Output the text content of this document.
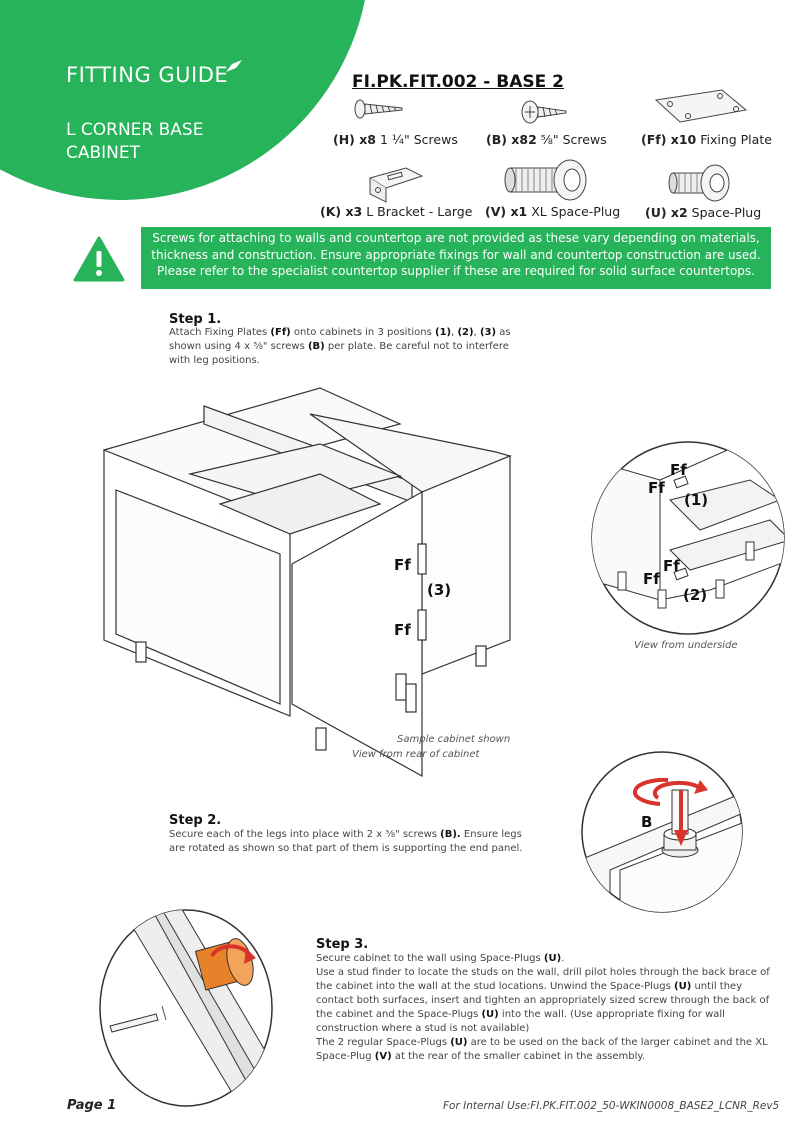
FITTING GUIDE
L CORNER BASE CABINET
FI.PK.FIT.002 - BASE 2
(H) x8 1 ¼" Screws (B) x82 ⅝" Screws	(Ff) x10 Fixing Plate
(K) x3 L Bracket - Large (V) x1 XL Space-Plug (U) x2 Space-Plug
Screws for attaching to walls and countertop are not provided as these vary depending on materials, thickness and construction. Ensure appropriate fixings for wall and countertop construction are used. Please refer to the specialist countertop supplier if these are required for solid surface countertops.
Step 1.
Attach Fixing Plates (Ff) onto cabinets in 3 positions (1), (2), (3) as shown using 4 x ⅝" screws (B) per plate. Be careful not to interfere with leg positions.
Ff
Ff
(3)
Sample cabinet shown
View from rear of cabinet
Ff
Ff
(1)
Ff
Ff
(2)
View from underside
Step 2.
Secure each of the legs into place with 2 x ⅝" screws (B). Ensure legs are rotated as shown so that part of them is supporting the end panel.
B
Step 3.
Secure cabinet to the wall using Space-Plugs (U).
Use a stud finder to locate the studs on the wall, drill pilot holes through the back brace of the cabinet into the wall at the stud locations. Unwind the Space-Plugs (U) until they contact both surfaces, insert and tighten an appropriately sized screw through the back of the cabinet and the Space-Plugs (U) into the wall. (Use appropriate fixing for wall construction where a stud is not available)
The 2 regular Space-Plugs (U) are to be used on the back of the larger cabinet and the XL Space-Plug (V) at the rear of the smaller cabinet in the assembly.
Page 1	For Internal Use:FI.PK.FIT.002_50-WKIN0008_BASE2_LCNR_Rev5
